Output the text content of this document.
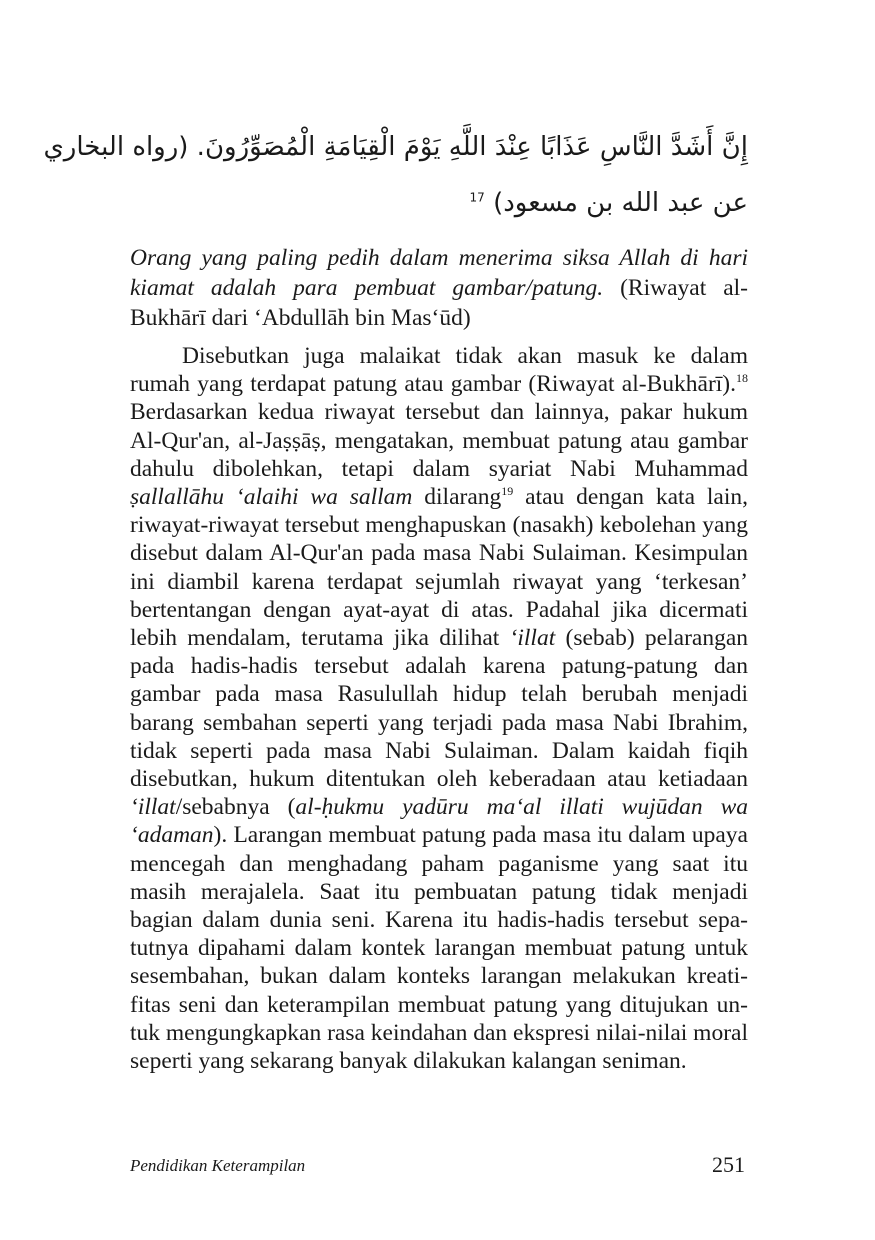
إِنَّ أَشَدَّ النَّاسِ عَذَابًا عِنْدَ اللَّهِ يَوْمَ الْقِيَامَةِ الْمُصَوِّرُونَ. (رواه البخاري
عن عبد الله بن مسعود) $^{17}$
Orang yang paling pedih dalam menerima siksa Allah di hari kiamat adalah para pembuat gambar/patung. (Riwayat al-Bukhārī dari ‘Abdullāh bin Mas‘ūd)
Disebutkan juga malaikat tidak akan masuk ke dalam rumah yang terdapat patung atau gambar (Riwayat al-Bukhārī).$^{18}$ Berdasarkan kedua riwayat tersebut dan lainnya, pakar hukum Al-Qur'an, al-Jaṣṣāṣ, mengatakan, membuat patung atau gambar dahulu dibolehkan, tetapi dalam syariat Nabi Muhammad ṣallallāhu ‘alaihi wa sallam dilarang$^{19}$ atau dengan kata lain, riwayat-riwayat tersebut menghapuskan (nasakh) kebolehan yang disebut dalam Al-Qur'an pada masa Nabi Sulaiman. Kesimpulan ini diambil karena terdapat sejumlah riwayat yang ‘terkesan’ bertentangan dengan ayat-ayat di atas. Padahal jika dicermati lebih mendalam, terutama jika dilihat ‘illat (sebab) pelarangan pada hadis-hadis tersebut adalah karena patung-patung dan gambar pada masa Rasulullah hidup telah berubah menjadi barang sembahan seperti yang terjadi pada masa Nabi Ibrahim, tidak seperti pada masa Nabi Sulaiman. Dalam kaidah fiqih disebutkan, hukum ditentukan oleh keberadaan atau ketiadaan ‘illat/sebabnya (al-ḥukmu yadūru ma‘al illati wujūdan wa ‘adaman). Larangan membuat patung pada masa itu dalam upaya mencegah dan menghadang paham paganisme yang saat itu masih merajalela. Saat itu pembuatan patung tidak menjadi bagian dalam dunia seni. Karena itu hadis-hadis tersebut sepatutnya dipahami dalam kontek larangan membuat patung untuk sesembahan, bukan dalam konteks larangan melakukan kreatifitas seni dan keterampilan membuat patung yang ditujukan untuk mengungkapkan rasa keindahan dan ekspresi nilai-nilai moral seperti yang sekarang banyak dilakukan kalangan seniman.
Pendidikan Keterampilan	251
